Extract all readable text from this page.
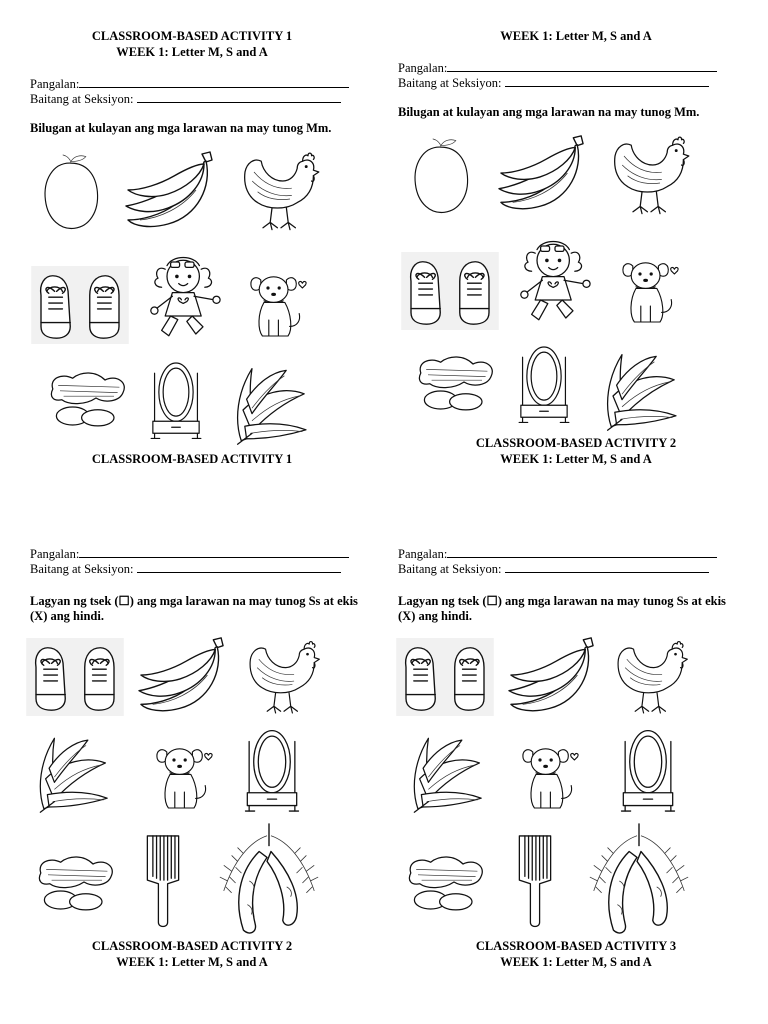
CLASSROOM-BASED ACTIVITY 1
WEEK 1: Letter M, S and A
Pangalan:
Baitang at Seksiyon:
Bilugan at kulayan ang mga larawan na may tunog Mm.
CLASSROOM-BASED ACTIVITY 1
WEEK 1: Letter M, S and A
Pangalan:
Baitang at Seksiyon:
Bilugan at kulayan ang mga larawan na may tunog Mm.
CLASSROOM-BASED ACTIVITY 2
WEEK 1: Letter M, S and A
Pangalan:
Baitang at Seksiyon:
Lagyan ng tsek (☐) ang mga larawan na may tunog Ss at ekis (X) ang hindi.
CLASSROOM-BASED ACTIVITY 2
WEEK 1: Letter M, S and A
Pangalan:
Baitang at Seksiyon:
Lagyan ng tsek (☐) ang mga larawan na may tunog Ss at ekis (X) ang hindi.
CLASSROOM-BASED ACTIVITY 3
WEEK 1: Letter M, S and A
